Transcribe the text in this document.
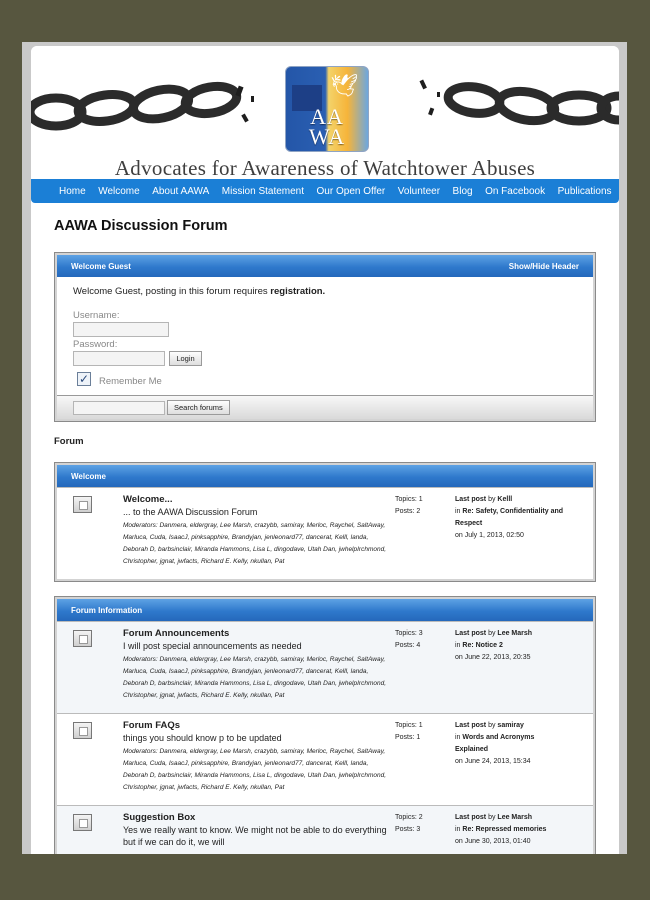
🕊
AA
WA
Advocates for Awareness of Watchtower Abuses
Home Welcome About AAWA Mission Statement Our Open Offer Volunteer Blog On Facebook Publications
AAWA Discussion Forum
Welcome Guest	Show/Hide Header
Welcome Guest, posting in this forum requires registration.
Username:
Password:
Login
✓ Remember Me
Search forums
Forum
Welcome
Welcome...
... to the AAWA Discussion Forum
Moderators: Danmera, eldergray, Lee Marsh, crazybb, samiray, Merloc, Raychel, SaltAway, Marluca, Cuda, IsaacJ, pinksapphire, Brandyjan, jenleonard77, dancerat, Kelll, landa, Deborah D, barbsinclair, Miranda Hammons, Lisa L, dingodave, Utah Dan, jwhelpIrchmond, Christopher, jgnat, jwfacts, Richard E. Kelly, nkullan, Pat
Topics: 1
Posts: 2
Last post by Kelll
in Re: Safety, Confidentiality and Respect
on July 1, 2013, 02:50
Forum Information
Forum Announcements
I will post special announcements as needed
Moderators: Danmera, eldergray, Lee Marsh, crazybb, samiray, Merloc, Raychel, SaltAway, Marluca, Cuda, IsaacJ, pinksapphire, Brandyjan, jenleonard77, dancerat, Kelll, landa, Deborah D, barbsinclair, Miranda Hammons, Lisa L, dingodave, Utah Dan, jwhelpIrchmond, Christopher, jgnat, jwfacts, Richard E. Kelly, nkullan, Pat
Topics: 3
Posts: 4
Last post by Lee Marsh
in Re: Notice 2
on June 22, 2013, 20:35
Forum FAQs
things you should know p to be updated
Moderators: Danmera, eldergray, Lee Marsh, crazybb, samiray, Merloc, Raychel, SaltAway, Marluca, Cuda, IsaacJ, pinksapphire, Brandyjan, jenleonard77, dancerat, Kelll, landa, Deborah D, barbsinclair, Miranda Hammons, Lisa L, dingodave, Utah Dan, jwhelpIrchmond, Christopher, jgnat, jwfacts, Richard E. Kelly, nkullan, Pat
Topics: 1
Posts: 1
Last post by samiray
in Words and Acronyms Explained
on June 24, 2013, 15:34
Suggestion Box
Yes we really want to know. We might not be able to do everything but if we can do it, we will
Topics: 2
Posts: 3
Last post by Lee Marsh
in Re: Repressed memories
on June 30, 2013, 01:40
